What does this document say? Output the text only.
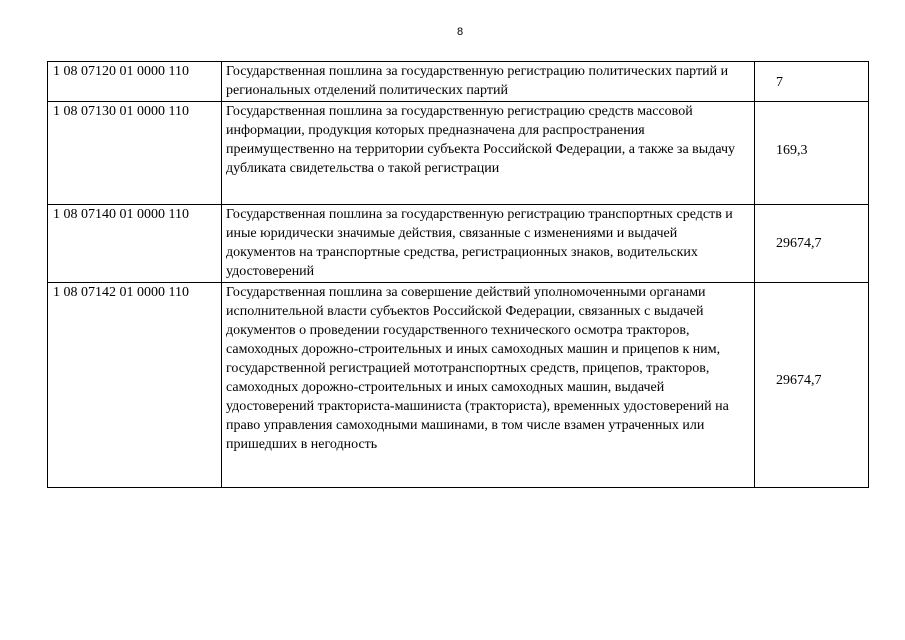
8
1 08 07120 01 0000 110	Государственная пошлина за государственную регистрацию политических партий и региональных отделений политических партий	7
1 08 07130 01 0000 110	Государственная пошлина за государственную регистрацию средств массовой информации, продукция которых предназначена для распространения преимущественно на территории субъекта Российской Федерации, а также за выдачу дубликата свидетельства о такой регистрации	169,3
1 08 07140 01 0000 110	Государственная пошлина за государственную регистрацию транспортных средств и иные юридически значимые действия, связанные с изменениями и выдачей документов на транспортные средства, регистрационных знаков, водительских удостоверений	29674,7
1 08 07142 01 0000 110	Государственная пошлина за совершение действий уполномоченными органами исполнительной власти субъектов Российской Федерации, связанных с выдачей документов о проведении государственного технического осмотра тракторов, самоходных дорожно-строительных и иных самоходных машин и прицепов к ним, государственной регистрацией мототранспортных средств, прицепов, тракторов, самоходных дорожно-строительных и иных самоходных машин, выдачей удостоверений тракториста-машиниста (тракториста), временных удостоверений на право управления самоходными машинами, в том числе взамен утраченных или пришедших в негодность	29674,7
